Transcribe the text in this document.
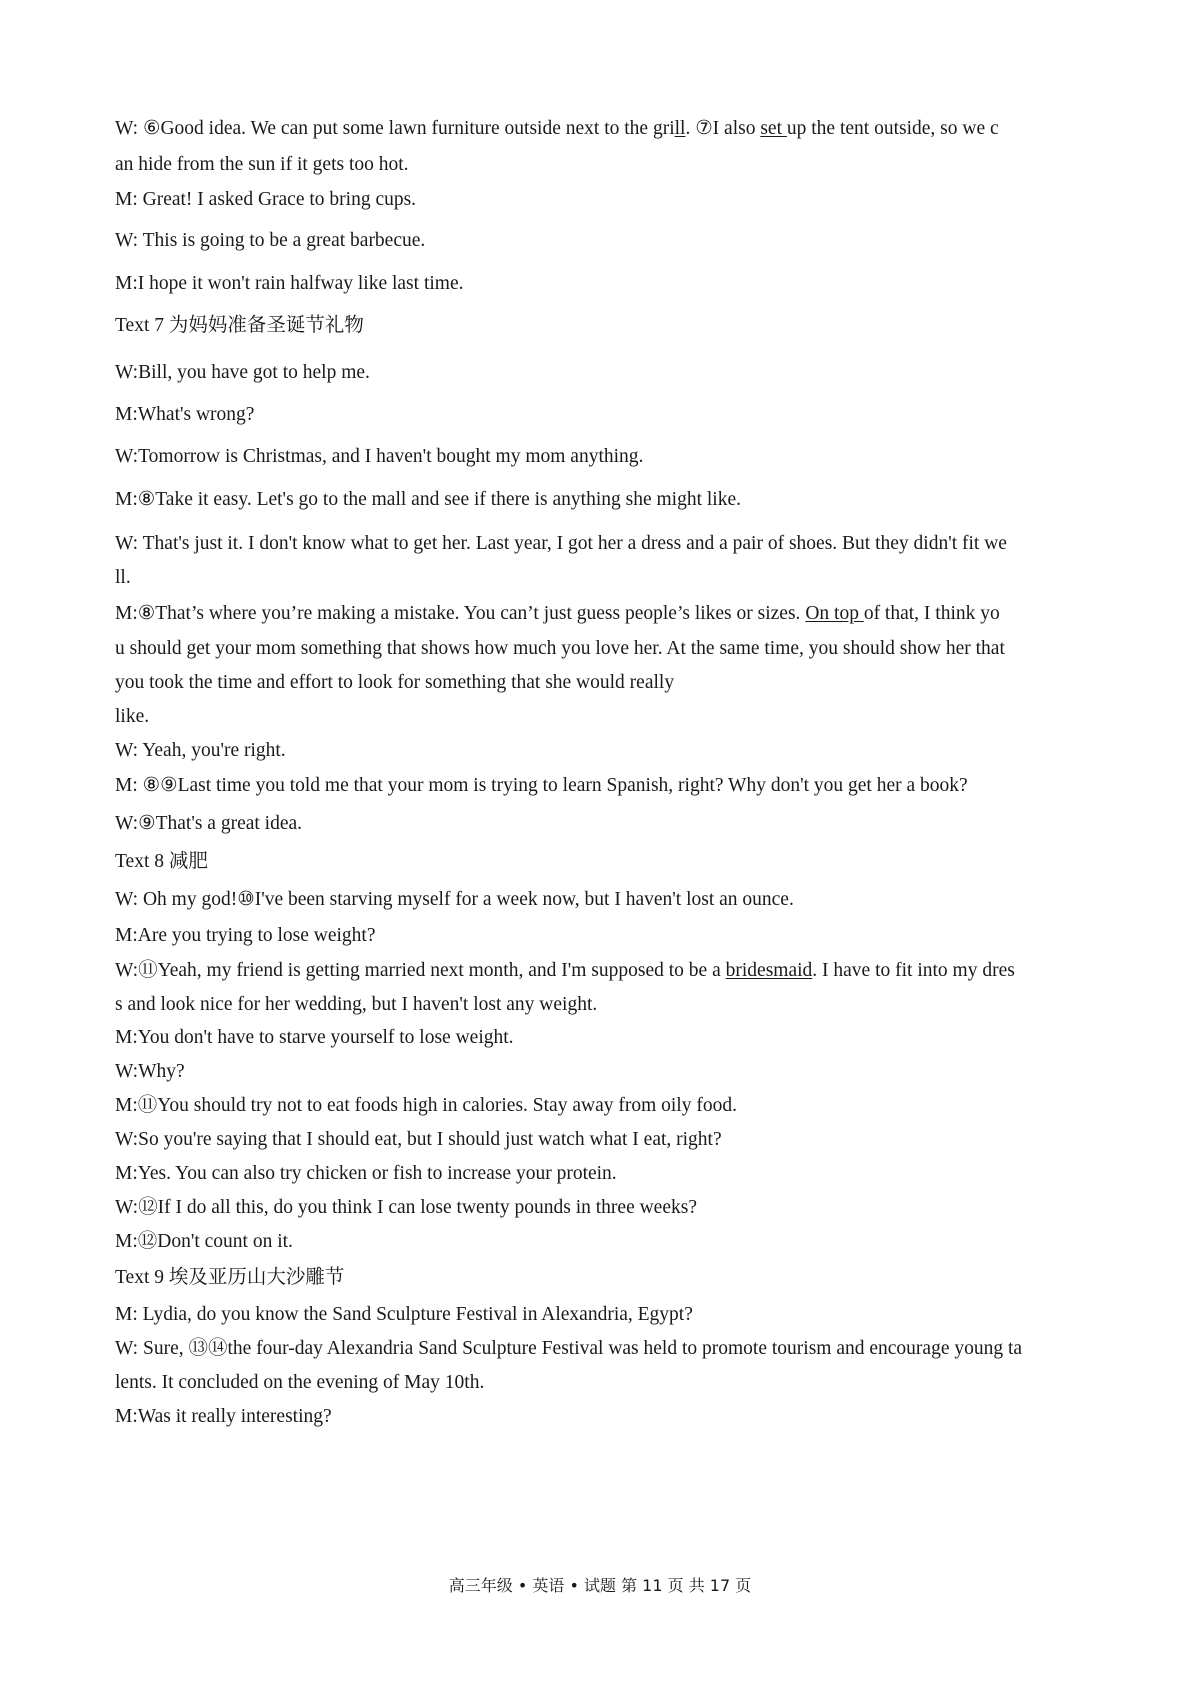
W: ⑥Good idea. We can put some lawn furniture outside next to the grill. ⑦I also set up the tent outside, so we c
an hide from the sun if it gets too hot.
M: Great! I asked Grace to bring cups.
W: This is going to be a great barbecue.
M:I hope it won't rain halfway like last time.
Text 7 为妈妈准备圣诞节礼物
W:Bill, you have got to help me.
M:What's wrong?
W:Tomorrow is Christmas, and I haven't bought my mom anything.
M:⑧Take it easy. Let's go to the mall and see if there is anything she might like.
W: That's just it. I don't know what to get her. Last year, I got her a dress and a pair of shoes. But they didn't fit we
ll.
M:⑧That’s where you’re making a mistake. You can’t just guess people’s likes or sizes. On top of that, I think yo
u should get your mom something that shows how much you love her. At the same time, you should show her that
you took the time and effort to look for something that she would really
like.
W: Yeah, you're right.
M: ⑧⑨Last time you told me that your mom is trying to learn Spanish, right? Why don't you get her a book?
W:⑨That's a great idea.
Text 8 减肥
W: Oh my god!⑩I've been starving myself for a week now, but I haven't lost an ounce.
M:Are you trying to lose weight?
W:⑪Yeah, my friend is getting married next month, and I'm supposed to be a bridesmaid. I have to fit into my dres
s and look nice for her wedding, but I haven't lost any weight.
M:You don't have to starve yourself to lose weight.
W:Why?
M:⑪You should try not to eat foods high in calories. Stay away from oily food.
W:So you're saying that I should eat, but I should just watch what I eat, right?
M:Yes. You can also try chicken or fish to increase your protein.
W:⑫If I do all this, do you think I can lose twenty pounds in three weeks?
M:⑫Don't count on it.
Text 9 埃及亚历山大沙雕节
M: Lydia, do you know the Sand Sculpture Festival in Alexandria, Egypt?
W: Sure, ⑬⑭the four-day Alexandria Sand Sculpture Festival was held to promote tourism and encourage young ta
lents. It concluded on the evening of May 10th.
M:Was it really interesting?
高三年级 • 英语 • 试题 第 11 页 共 17 页
